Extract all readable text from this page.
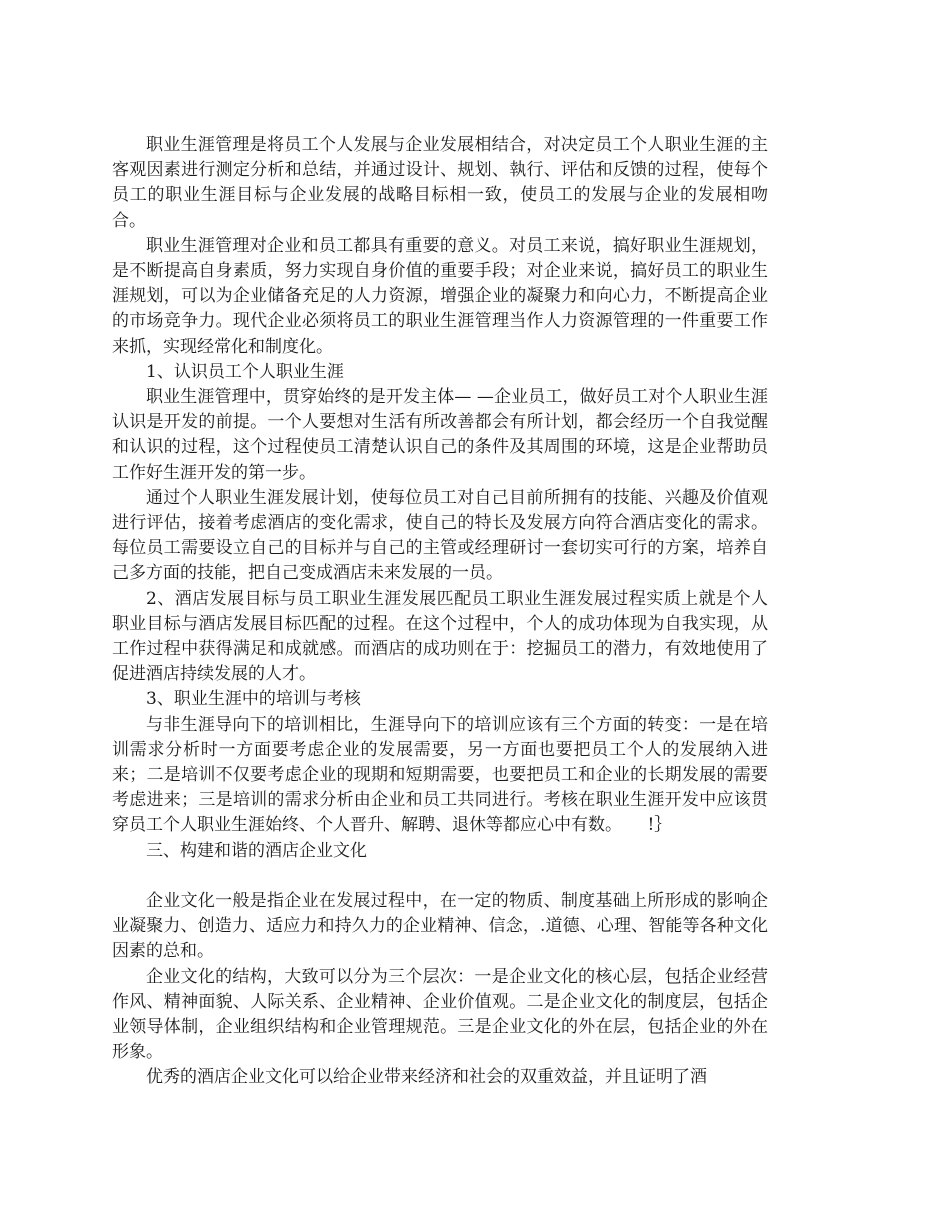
职业生涯管理是将员工个人发展与企业发展相结合，对决定员工个人职业生涯的主客观因素进行测定分析和总结，并通过设计、规划、執行、评估和反馈的过程，使每个员工的职业生涯目标与企业发展的战略目标相一致，使员工的发展与企业的发展相吻合。

职业生涯管理对企业和员工都具有重要的意义。对员工来说，搞好职业生涯规划，是不断提高自身素质，努力实现自身价值的重要手段；对企业来说，搞好员工的职业生涯规划，可以为企业储备充足的人力资源，增强企业的凝聚力和向心力，不断提高企业的市场竞争力。现代企业必须将员工的职业生涯管理当作人力资源管理的一件重要工作来抓，实现经常化和制度化。

1、认识员工个人职业生涯

职业生涯管理中，贯穿始终的是开发主体— —企业员工，做好员工对个人职业生涯认识是开发的前提。一个人要想对生活有所改善都会有所计划，都会经历一个自我觉醒和认识的过程，这个过程使员工清楚认识自己的条件及其周围的环境，这是企业帮助员工作好生涯开发的第一步。

通过个人职业生涯发展计划，使每位员工对自己目前所拥有的技能、兴趣及价值观进行评估，接着考虑酒店的变化需求，使自己的特长及发展方向符合酒店变化的需求。每位员工需要设立自己的目标并与自己的主管或经理研讨一套切实可行的方案，培养自己多方面的技能，把自己变成酒店未来发展的一员。

2、酒店发展目标与员工职业生涯发展匹配员工职业生涯发展过程实质上就是个人职业目标与酒店发展目标匹配的过程。在这个过程中，个人的成功体现为自我实现，从工作过程中获得满足和成就感。而酒店的成功则在于：挖掘员工的潜力，有效地使用了促进酒店持续发展的人才。

3、职业生涯中的培训与考核

与非生涯导向下的培训相比，生涯导向下的培训应该有三个方面的转变：一是在培训需求分析时一方面要考虑企业的发展需要，另一方面也要把员工个人的发展纳入进来；二是培训不仅要考虑企业的现期和短期需要，也要把员工和企业的长期发展的需要考虑进来；三是培训的需求分析由企业和员工共同进行。考核在职业生涯开发中应该贯穿员工个人职业生涯始终、个人晋升、解聘、退休等都应心中有数。　　!｝

三、构建和谐的酒店企业文化

企业文化一般是指企业在发展过程中，在一定的物质、制度基础上所形成的影响企业凝聚力、创造力、适应力和持久力的企业精神、信念，.道德、心理、智能等各种文化因素的总和。

企业文化的结构，大致可以分为三个层次：一是企业文化的核心层，包括企业经营作风、精神面貌、人际关系、企业精神、企业价值观。二是企业文化的制度层，包括企业领导体制，企业组织结构和企业管理规范。三是企业文化的外在层，包括企业的外在形象。

优秀的酒店企业文化可以给企业带来经济和社会的双重效益，并且证明了酒
